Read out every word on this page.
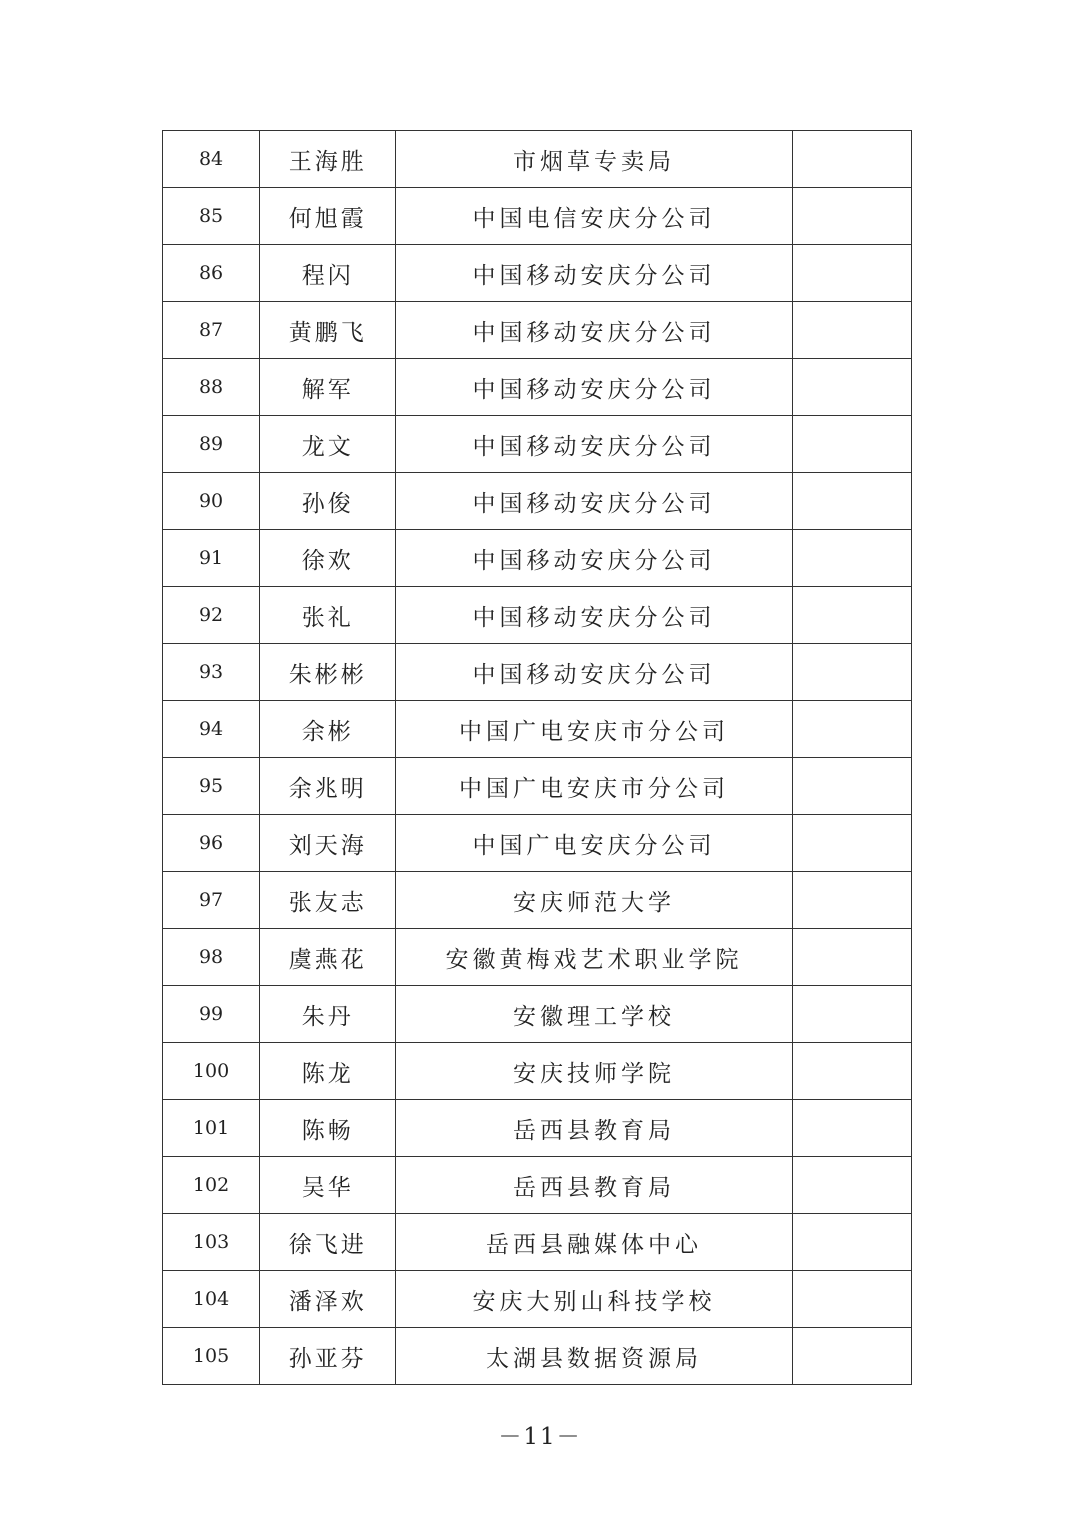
84	王海胜	市烟草专卖局	
85	何旭霞	中国电信安庆分公司	
86	程闪	中国移动安庆分公司	
87	黄鹏飞	中国移动安庆分公司	
88	解军	中国移动安庆分公司	
89	龙文	中国移动安庆分公司	
90	孙俊	中国移动安庆分公司	
91	徐欢	中国移动安庆分公司	
92	张礼	中国移动安庆分公司	
93	朱彬彬	中国移动安庆分公司	
94	余彬	中国广电安庆市分公司	
95	余兆明	中国广电安庆市分公司	
96	刘天海	中国广电安庆分公司	
97	张友志	安庆师范大学	
98	虞燕花	安徽黄梅戏艺术职业学院	
99	朱丹	安徽理工学校	
100	陈龙	安庆技师学院	
101	陈畅	岳西县教育局	
102	吴华	岳西县教育局	
103	徐飞进	岳西县融媒体中心	
104	潘泽欢	安庆大别山科技学校	
105	孙亚芬	太湖县数据资源局	
－11－
